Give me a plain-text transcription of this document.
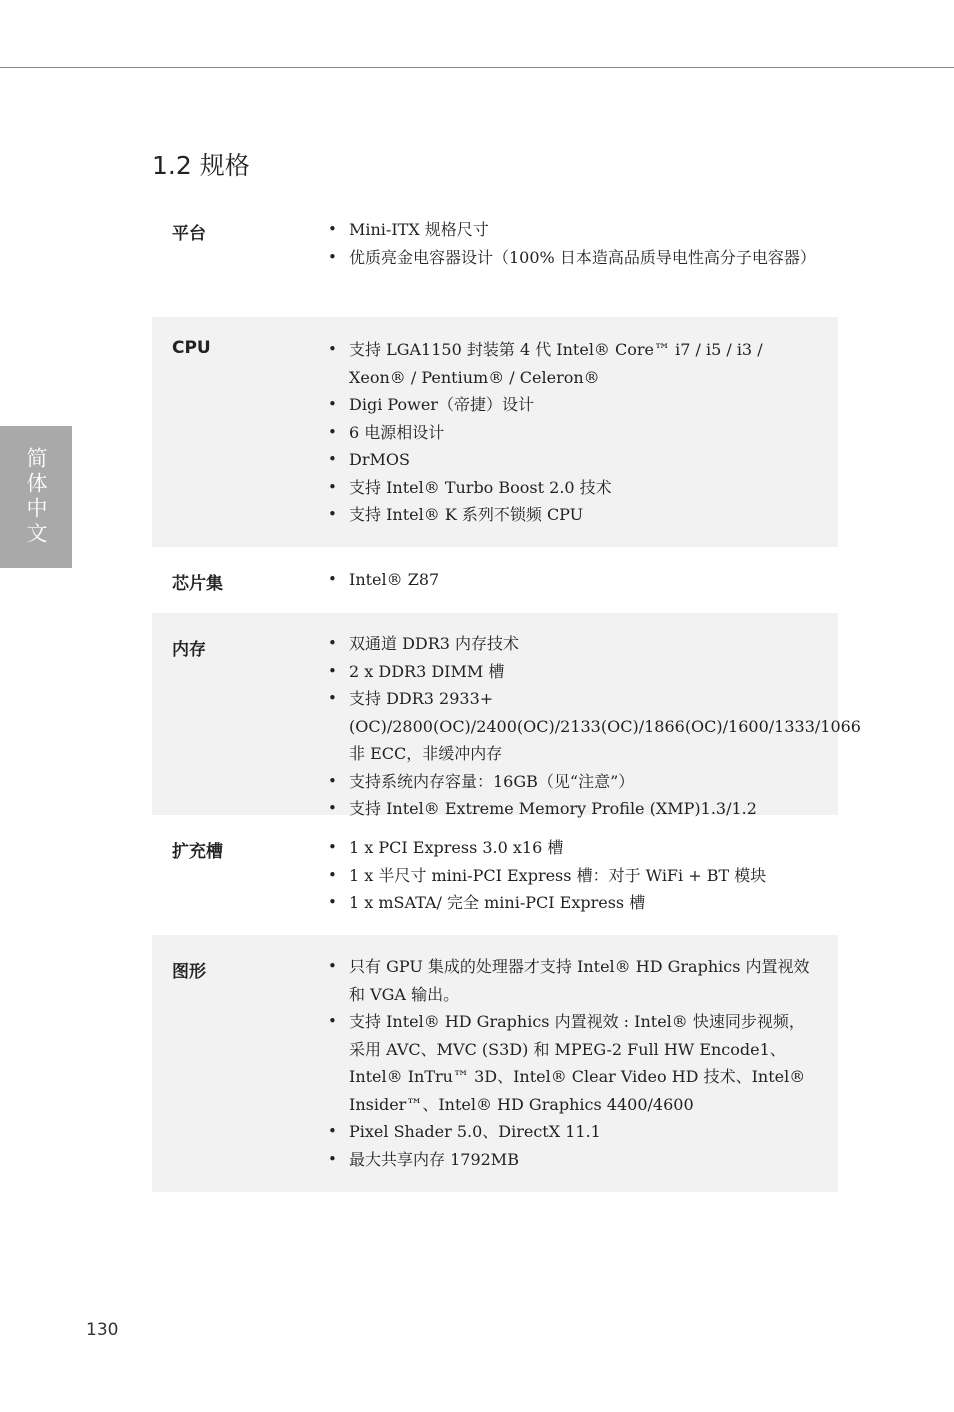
简体中文
1.2 规格
平台	• Mini-ITX 规格尺寸
• 优质亮金电容器设计（100% 日本造高品质导电性高分子电容器）
CPU	• 支持 LGA1150 封装第 4 代 Intel® Core™ i7 / i5 / i3 / Xeon® / Pentium® / Celeron®
• Digi Power（帝捷）设计
• 6 电源相设计
• DrMOS
• 支持 Intel® Turbo Boost 2.0 技术
• 支持 Intel® K 系列不锁频 CPU
芯片集	• Intel® Z87
内存	• 双通道 DDR3 内存技术
• 2 x DDR3 DIMM 槽
• 支持 DDR3 2933+(OC)/2800(OC)/2400(OC)/2133(OC)/1866(OC)/1600/1333/1066 非 ECC，非缓冲内存
• 支持系统内存容量：16GB（见“注意”）
• 支持 Intel® Extreme Memory Profile (XMP)1.3/1.2
扩充槽	• 1 x PCI Express 3.0 x16 槽
• 1 x 半尺寸 mini-PCI Express 槽：对于 WiFi + BT 模块
• 1 x mSATA/ 完全 mini-PCI Express 槽
图形	• 只有 GPU 集成的处理器才支持 Intel® HD Graphics 内置视效和 VGA 输出。
• 支持 Intel® HD Graphics 内置视效 : Intel® 快速同步视频，采用 AVC、MVC (S3D) 和 MPEG-2 Full HW Encode1、Intel® InTru™ 3D、Intel® Clear Video HD 技术、Intel® Insider™、Intel® HD Graphics 4400/4600
• Pixel Shader 5.0、DirectX 11.1
• 最大共享内存 1792MB
130
